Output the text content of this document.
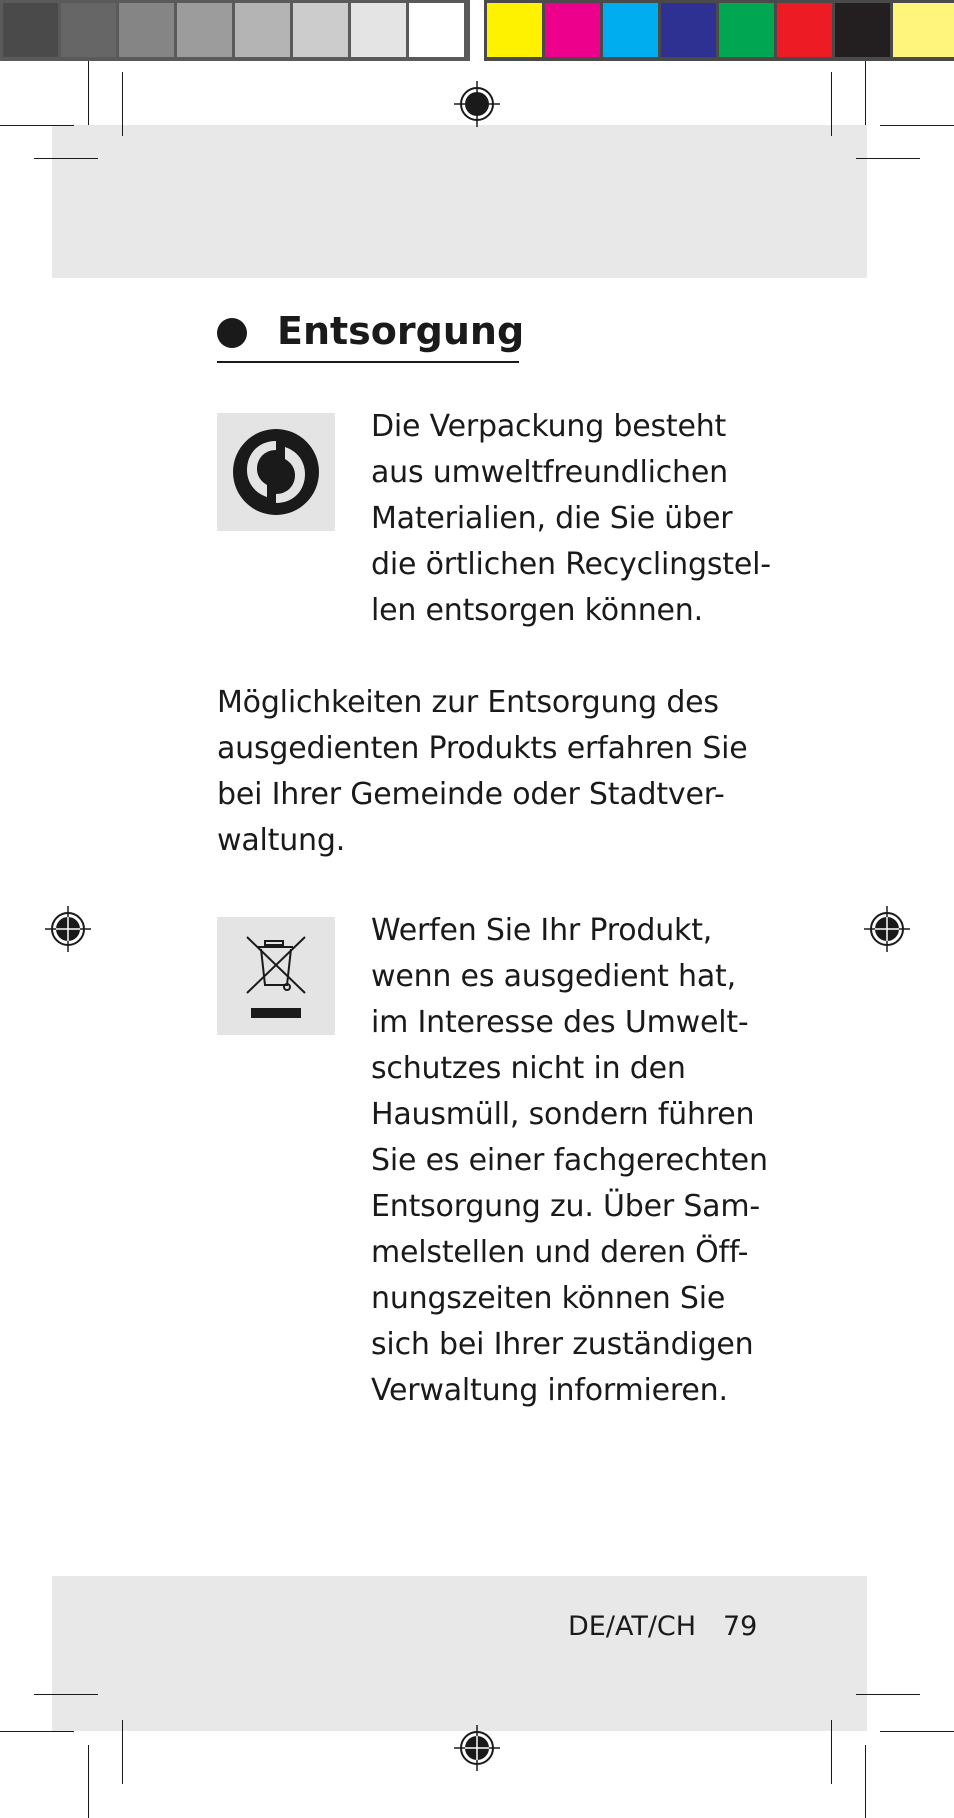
Entsorgung

Die Verpackung besteht
aus umweltfreundlichen
Materialien, die Sie über
die örtlichen Recyclingstel-
len entsorgen können.

Möglichkeiten zur Entsorgung des
ausgedienten Produkts erfahren Sie
bei Ihrer Gemeinde oder Stadtver-
waltung.

Werfen Sie Ihr Produkt,
wenn es ausgedient hat,
im Interesse des Umwelt-
schutzes nicht in den
Hausmüll, sondern führen
Sie es einer fachgerechten
Entsorgung zu. Über Sam-
melstellen und deren Öff-
nungszeiten können Sie
sich bei Ihrer zuständigen
Verwaltung informieren.

DE/AT/CH 79
